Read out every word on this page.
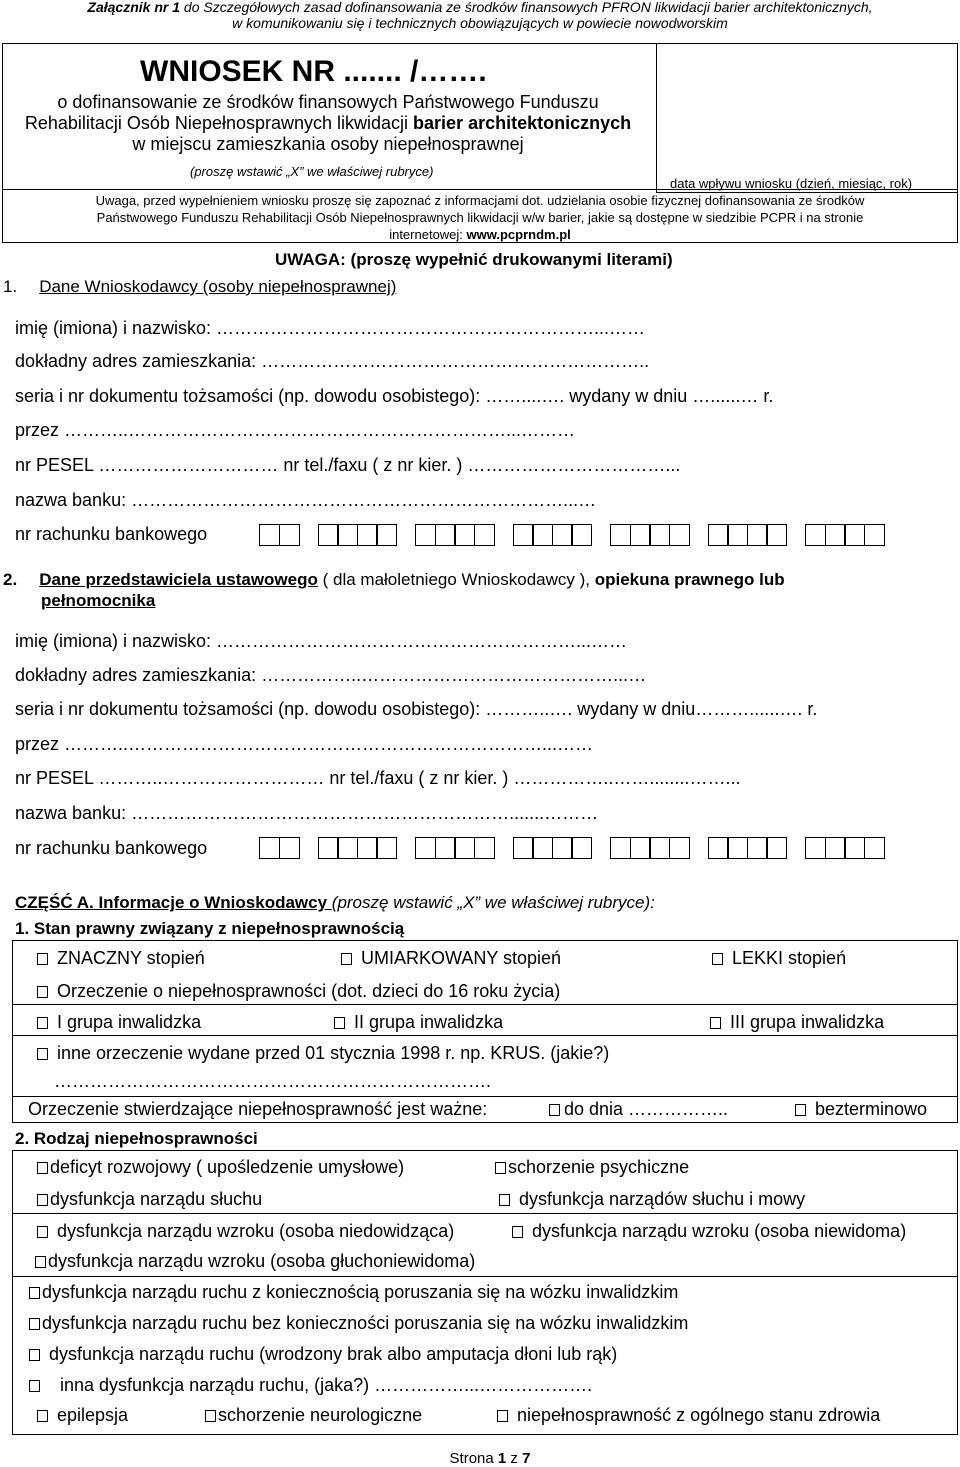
Załącznik nr 1 do Szczegółowych zasad dofinansowania ze środków finansowych PFRON likwidacji barier architektonicznych,
w komunikowaniu się i technicznych obowiązujących w powiecie nowodworskim
WNIOSEK NR ....... /…….
o dofinansowanie ze środków finansowych Państwowego Funduszu
Rehabilitacji Osób Niepełnosprawnych likwidacji barier architektonicznych
w miejscu zamieszkania osoby niepełnosprawnej
(proszę wstawić „X” we właściwej rubryce)
data wpływu wniosku (dzień, miesiąc, rok)
Uwaga, przed wypełnieniem wniosku proszę się zapoznać z informacjami dot. udzielania osobie fizycznej dofinansowania ze środków
Państwowego Funduszu Rehabilitacji Osób Niepełnosprawnych likwidacji w/w barier, jakie są dostępne w siedzibie PCPR i na stronie
internetowej: www.pcprndm.pl
UWAGA: (proszę wypełnić drukowanymi literami)
1. Dane Wnioskodawcy (osoby niepełnosprawnej)
imię (imiona) i nazwisko: ………………………………………………………...……
dokładny adres zamieszkania: ………………………………………………………..
seria i nr dokumentu tożsamości (np. dowodu osobistego): ……....…. wydany w dniu …......… r.
przez ………..………………………………………………………...………
nr PESEL ………………………… nr tel./faxu ( z nr kier. ) ……………………………...
nazwa banku: ………………………………………………………………...…
nr rachunku bankowego
2. Dane przedstawiciela ustawowego ( dla małoletniego Wnioskodawcy ), opiekuna prawnego lub
pełnomocnika
imię (imiona) i nazwisko: ……………………………………………………...……
dokładny adres zamieszkania: ……………..……………………………………...…
seria i nr dokumentu tożsamości (np. dowodu osobistego): ………..…. wydany w dniu………......…. r.
przez ………..……………………………………………………………...……
nr PESEL ………..……………………… nr tel./faxu ( z nr kier. ) ……………..……........……...
nazwa banku: ……………………………………………………….......………
nr rachunku bankowego
CZĘŚĆ A. Informacje o Wnioskodawcy (proszę wstawić „X” we właściwej rubryce):
1. Stan prawny związany z niepełnosprawnością
ZNACZNY stopień	UMIARKOWANY stopień	LEKKI stopień
Orzeczenie o niepełnosprawności (dot. dzieci do 16 roku życia)
I grupa inwalidzka	II grupa inwalidzka	III grupa inwalidzka
inne orzeczenie wydane przed 01 stycznia 1998 r. np. KRUS. (jakie?)
……………………………………………………………….
Orzeczenie stwierdzające niepełnosprawność jest ważne:	do dnia ……………..	bezterminowo
2. Rodzaj niepełnosprawności
deficyt rozwojowy ( upośledzenie umysłowe)	schorzenie psychiczne
dysfunkcja narządu słuchu	dysfunkcja narządów słuchu i mowy
dysfunkcja narządu wzroku (osoba niedowidząca)	dysfunkcja narządu wzroku (osoba niewidoma)
dysfunkcja narządu wzroku (osoba głuchoniewidoma)
dysfunkcja narządu ruchu z koniecznością poruszania się na wózku inwalidzkim
dysfunkcja narządu ruchu bez konieczności poruszania się na wózku inwalidzkim
dysfunkcja narządu ruchu (wrodzony brak albo amputacja dłoni lub rąk)
inna dysfunkcja narządu ruchu, (jaka?) ……………...……………….
epilepsja	schorzenie neurologiczne	niepełnosprawność z ogólnego stanu zdrowia
Strona 1 z 7
